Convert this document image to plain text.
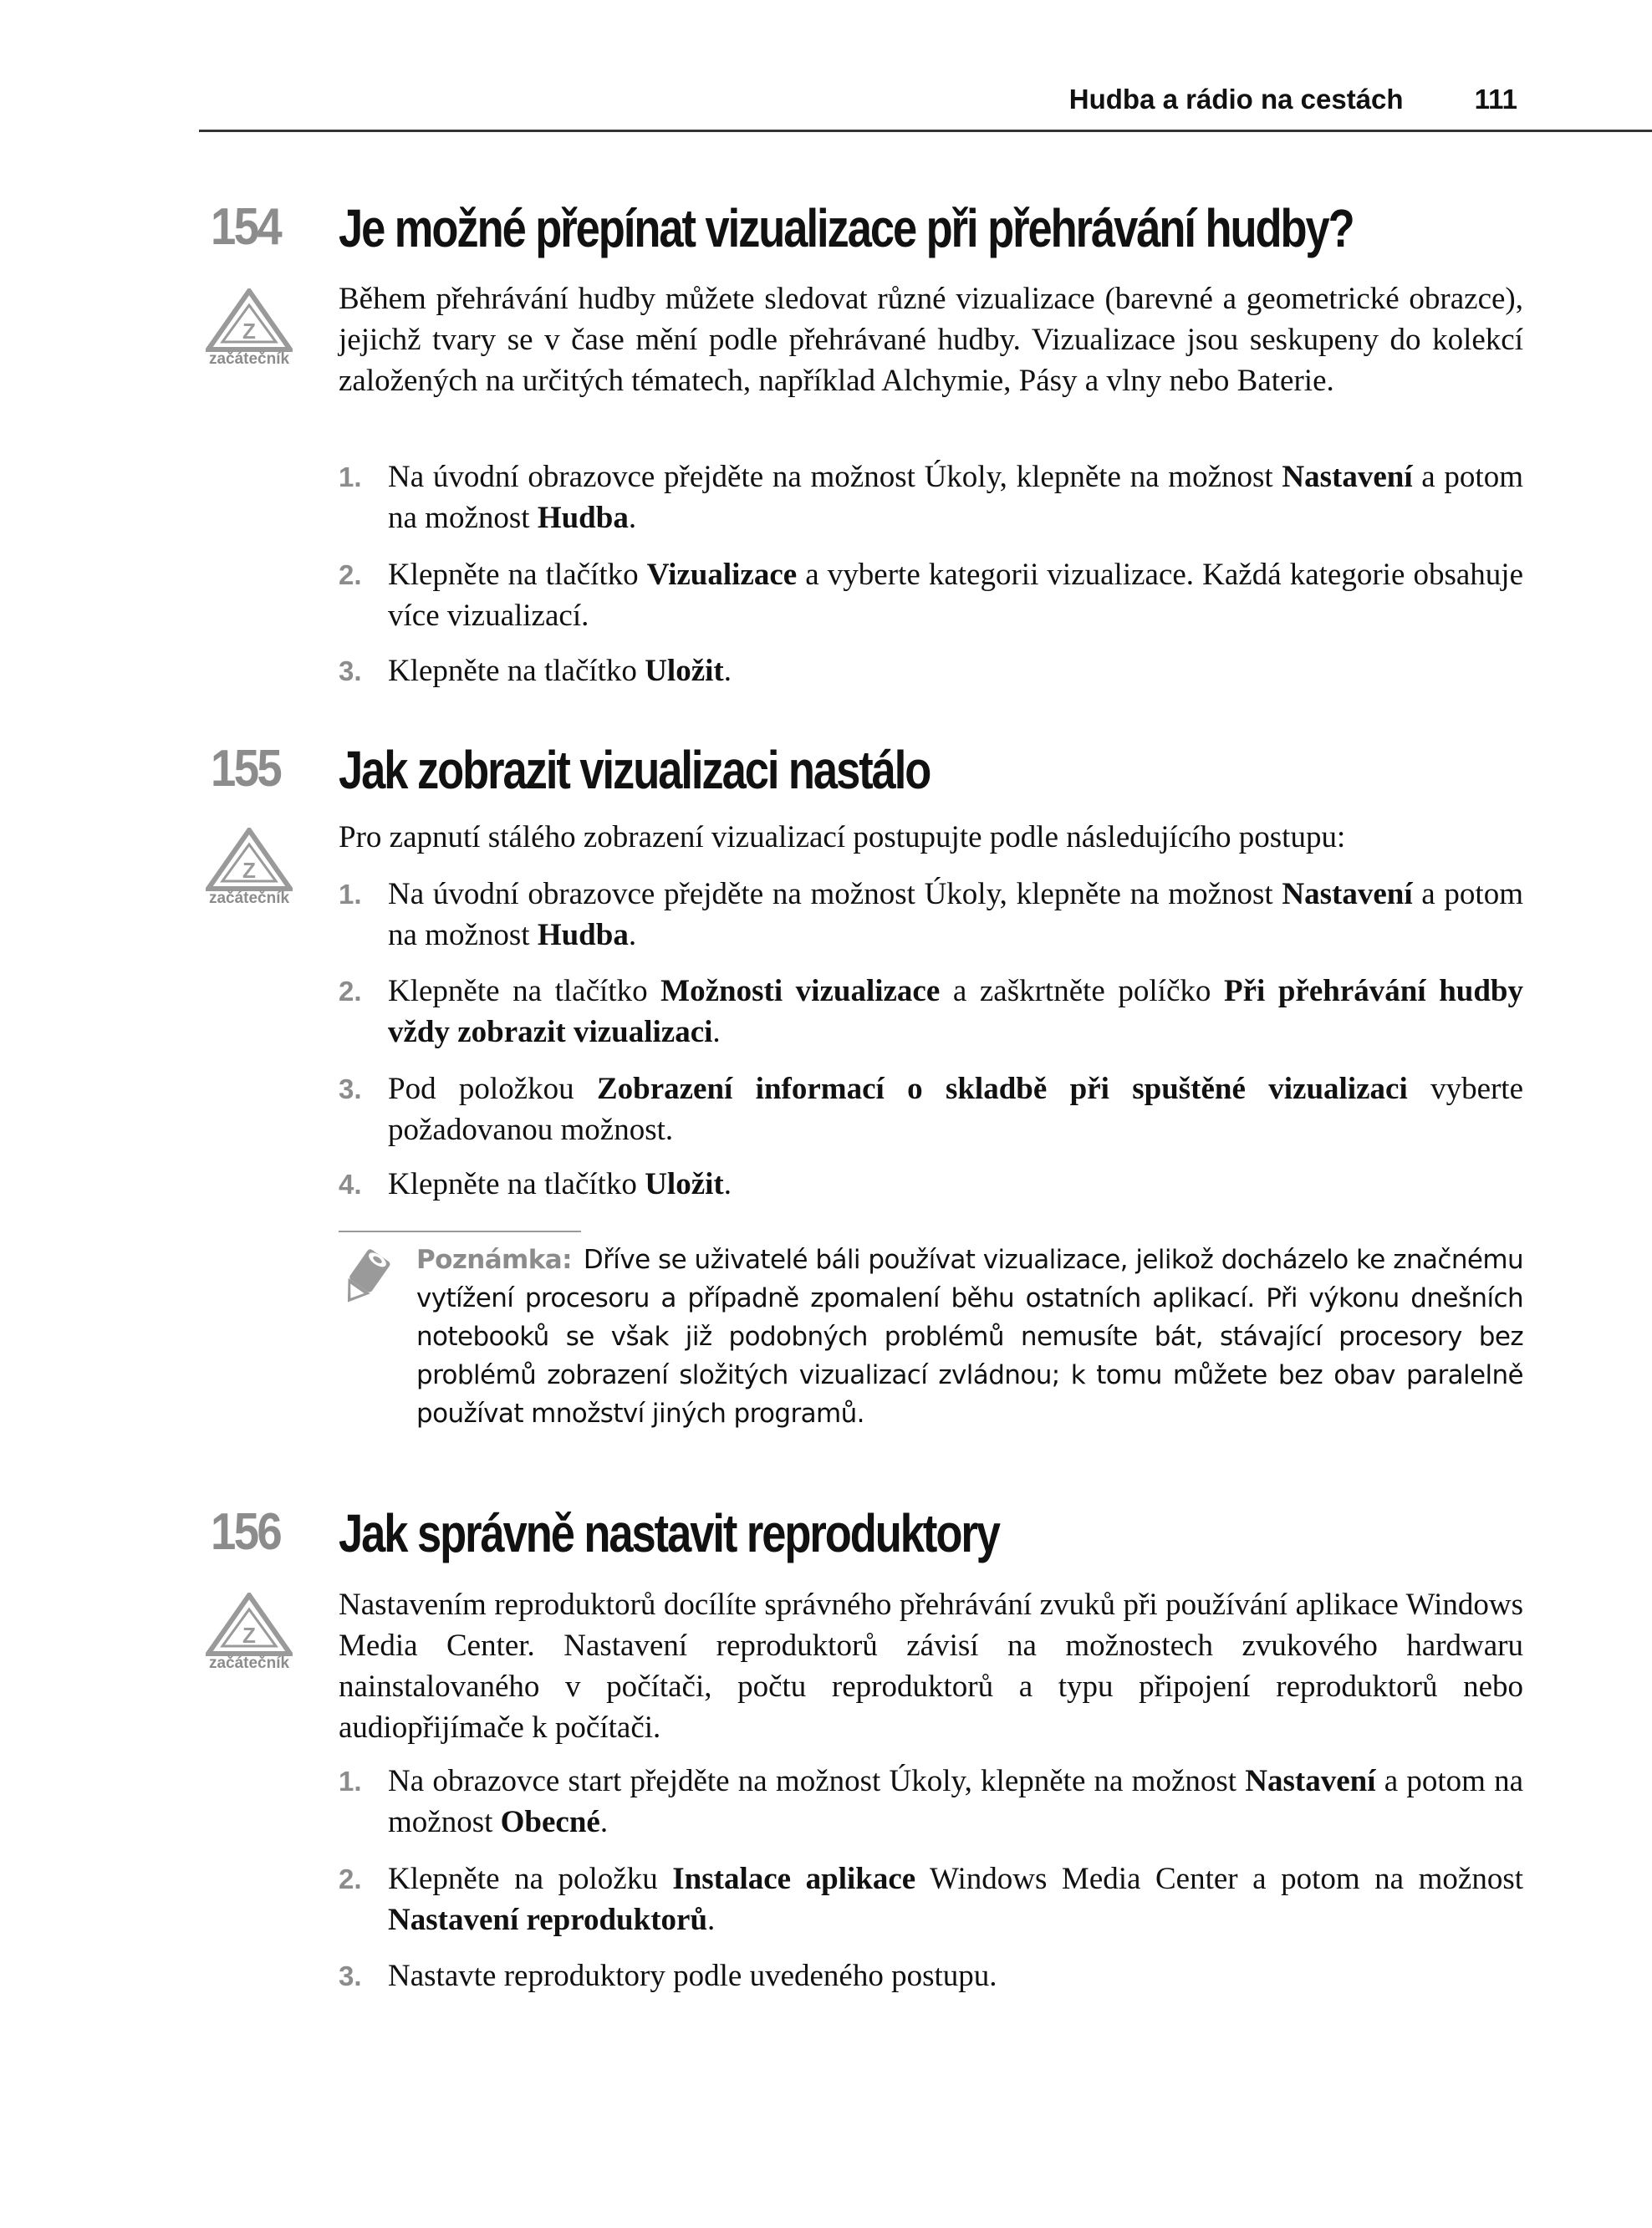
Hudba a rádio na cestách	111
154 Je možné přepínat vizualizace při přehrávání hudby?
Z
začátečník
Během přehrávání hudby můžete sledovat různé vizualizace (barevné a geometrické obrazce), jejichž tvary se v čase mění podle přehrávané hudby. Vizualizace jsou seskupeny do kolekcí založených na určitých tématech, například Alchymie, Pásy a vlny nebo Baterie.
1. Na úvodní obrazovce přejděte na možnost Úkoly, klepněte na možnost Nastavení a potom na možnost Hudba.
2. Klepněte na tlačítko Vizualizace a vyberte kategorii vizualizace. Každá kategorie obsahuje více vizualizací.
3. Klepněte na tlačítko Uložit.
155 Jak zobrazit vizualizaci nastálo
Z
začátečník
Pro zapnutí stálého zobrazení vizualizací postupujte podle následujícího postupu:
1. Na úvodní obrazovce přejděte na možnost Úkoly, klepněte na možnost Nastavení a potom na možnost Hudba.
2. Klepněte na tlačítko Možnosti vizualizace a zaškrtněte políčko Při přehrávání hudby vždy zobrazit vizualizaci.
3. Pod položkou Zobrazení informací o skladbě při spuštěné vizualizaci vyberte požadovanou možnost.
4. Klepněte na tlačítko Uložit.
Poznámka: Dříve se uživatelé báli používat vizualizace, jelikož docházelo ke značnému vytížení procesoru a případně zpomalení běhu ostatních aplikací. Při výkonu dnešních notebooků se však již podobných problémů nemusíte bát, stávající procesory bez problémů zobrazení složitých vizualizací zvládnou; k tomu můžete bez obav paralelně používat množství jiných programů.
156 Jak správně nastavit reproduktory
Z
začátečník
Nastavením reproduktorů docílíte správného přehrávání zvuků při používání aplikace Windows Media Center. Nastavení reproduktorů závisí na možnostech zvukového hardwaru nainstalovaného v počítači, počtu reproduktorů a typu připojení reproduktorů nebo audiopřijímače k počítači.
1. Na obrazovce start přejděte na možnost Úkoly, klepněte na možnost Nastavení a potom na možnost Obecné.
2. Klepněte na položku Instalace aplikace Windows Media Center a potom na možnost Nastavení reproduktorů.
3. Nastavte reproduktory podle uvedeného postupu.
